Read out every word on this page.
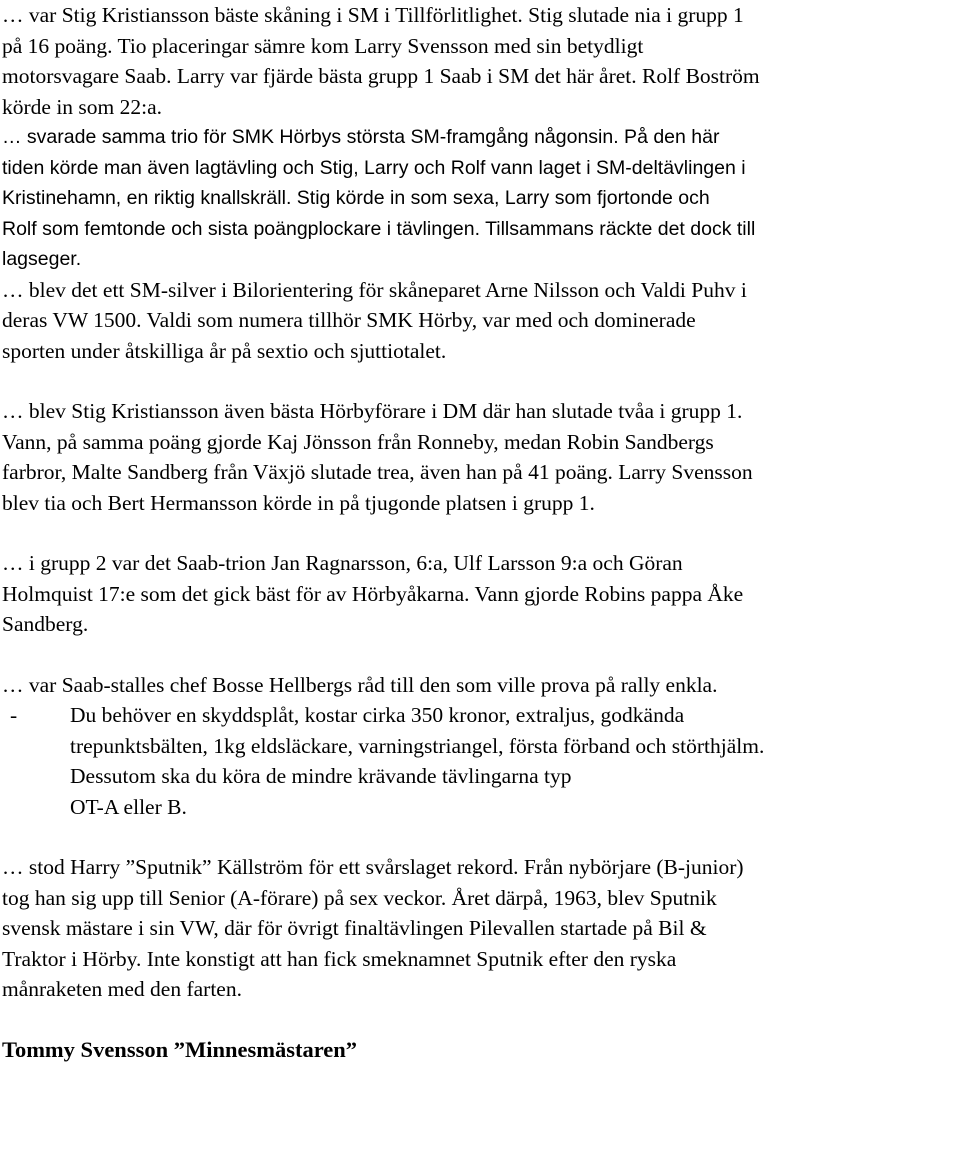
… var Stig Kristiansson bäste skåning i SM i Tillförlitlighet. Stig slutade nia i grupp 1
på 16 poäng. Tio placeringar sämre kom Larry Svensson med sin betydligt
motorsvagare Saab. Larry var fjärde bästa grupp 1 Saab i SM det här året. Rolf Boström
körde in som 22:a.
… svarade samma trio för SMK Hörbys största SM-framgång någonsin. På den här
tiden körde man även lagtävling och Stig, Larry och Rolf vann laget i SM-deltävlingen i
Kristinehamn, en riktig knallskräll. Stig körde in som sexa, Larry som fjortonde och
Rolf som femtonde och sista poängplockare i tävlingen. Tillsammans räckte det dock till
lagseger.
… blev det ett SM-silver i Bilorientering för skåneparet Arne Nilsson och Valdi Puhv i
deras VW 1500. Valdi som numera tillhör SMK Hörby, var med och dominerade
sporten under åtskilliga år på sextio och sjuttiotalet.
… blev Stig Kristiansson även bästa Hörbyförare i DM där han slutade tvåa i grupp 1.
Vann, på samma poäng gjorde Kaj Jönsson från Ronneby, medan Robin Sandbergs
farbror, Malte Sandberg från Växjö slutade trea, även han på 41 poäng. Larry Svensson
blev tia och Bert Hermansson körde in på tjugonde platsen i grupp 1.
… i grupp 2 var det Saab-trion Jan Ragnarsson, 6:a, Ulf Larsson 9:a och Göran
Holmquist 17:e som det gick bäst för av Hörbyåkarna. Vann gjorde Robins pappa Åke
Sandberg.
… var Saab-stalles chef Bosse Hellbergs råd till den som ville prova på rally enkla.
-	Du behöver en skyddsplåt, kostar cirka 350 kronor, extraljus, godkända
trepunktsbälten, 1kg eldsläckare, varningstriangel, första förband och störthjälm.
Dessutom ska du köra de mindre krävande tävlingarna typ
OT-A eller B.
… stod Harry ”Sputnik” Källström för ett svårslaget rekord. Från nybörjare (B-junior)
tog han sig upp till Senior (A-förare) på sex veckor. Året därpå, 1963, blev Sputnik
svensk mästare i sin VW, där för övrigt finaltävlingen Pilevallen startade på Bil &
Traktor i Hörby. Inte konstigt att han fick smeknamnet Sputnik efter den ryska
månraketen med den farten.
Tommy Svensson ”Minnesmästaren”
